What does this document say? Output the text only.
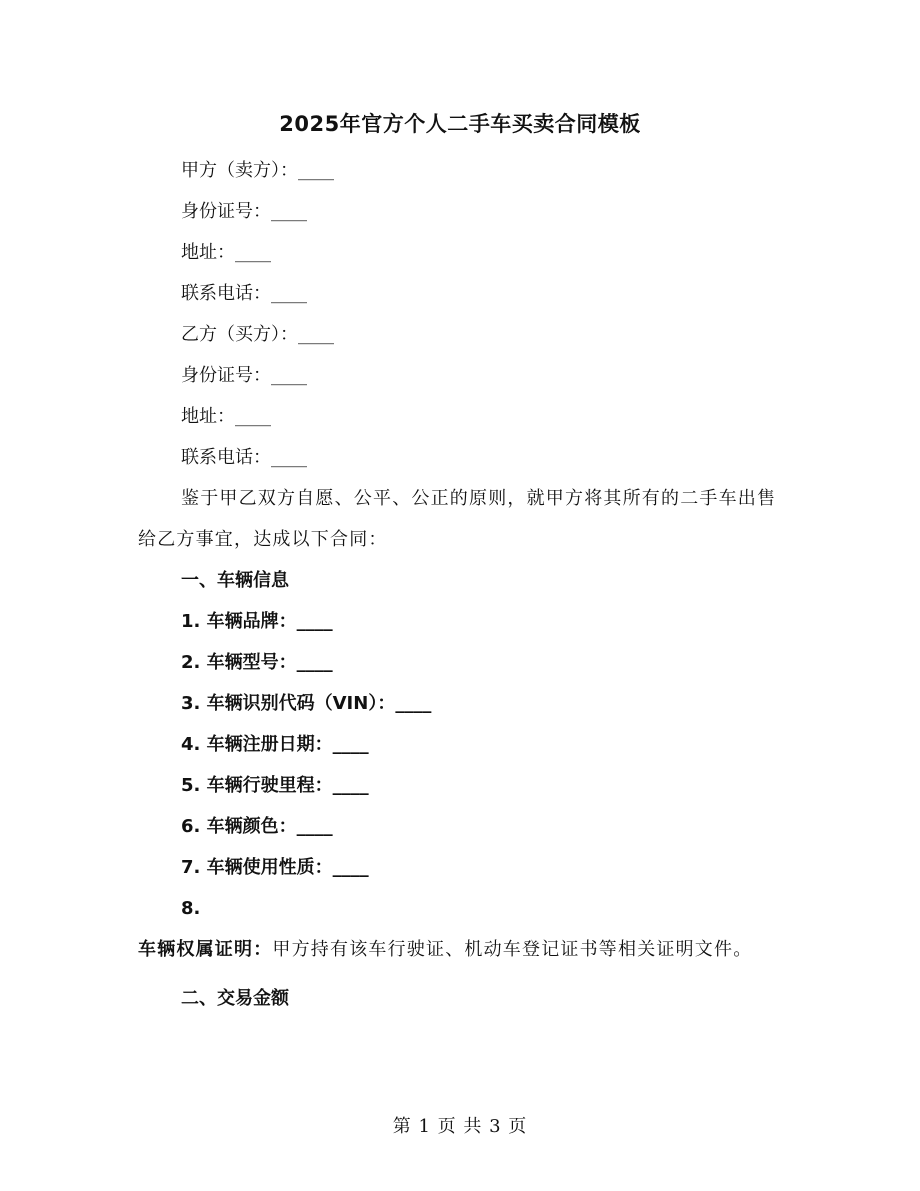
2025年官方个人二手车买卖合同模板
甲方（卖方）：____
身份证号：____
地址：____
联系电话：____
乙方（买方）：____
身份证号：____
地址：____
联系电话：____
鉴于甲乙双方自愿、公平、公正的原则，就甲方将其所有的二手车出售给乙方事宜，达成以下合同：
一、车辆信息
1. 车辆品牌：____
2. 车辆型号：____
3. 车辆识别代码（VIN）：____
4. 车辆注册日期：____
5. 车辆行驶里程：____
6. 车辆颜色：____
7. 车辆使用性质：____
8.
车辆权属证明：甲方持有该车行驶证、机动车登记证书等相关证明文件。
二、交易金额
第 1 页 共 3 页
